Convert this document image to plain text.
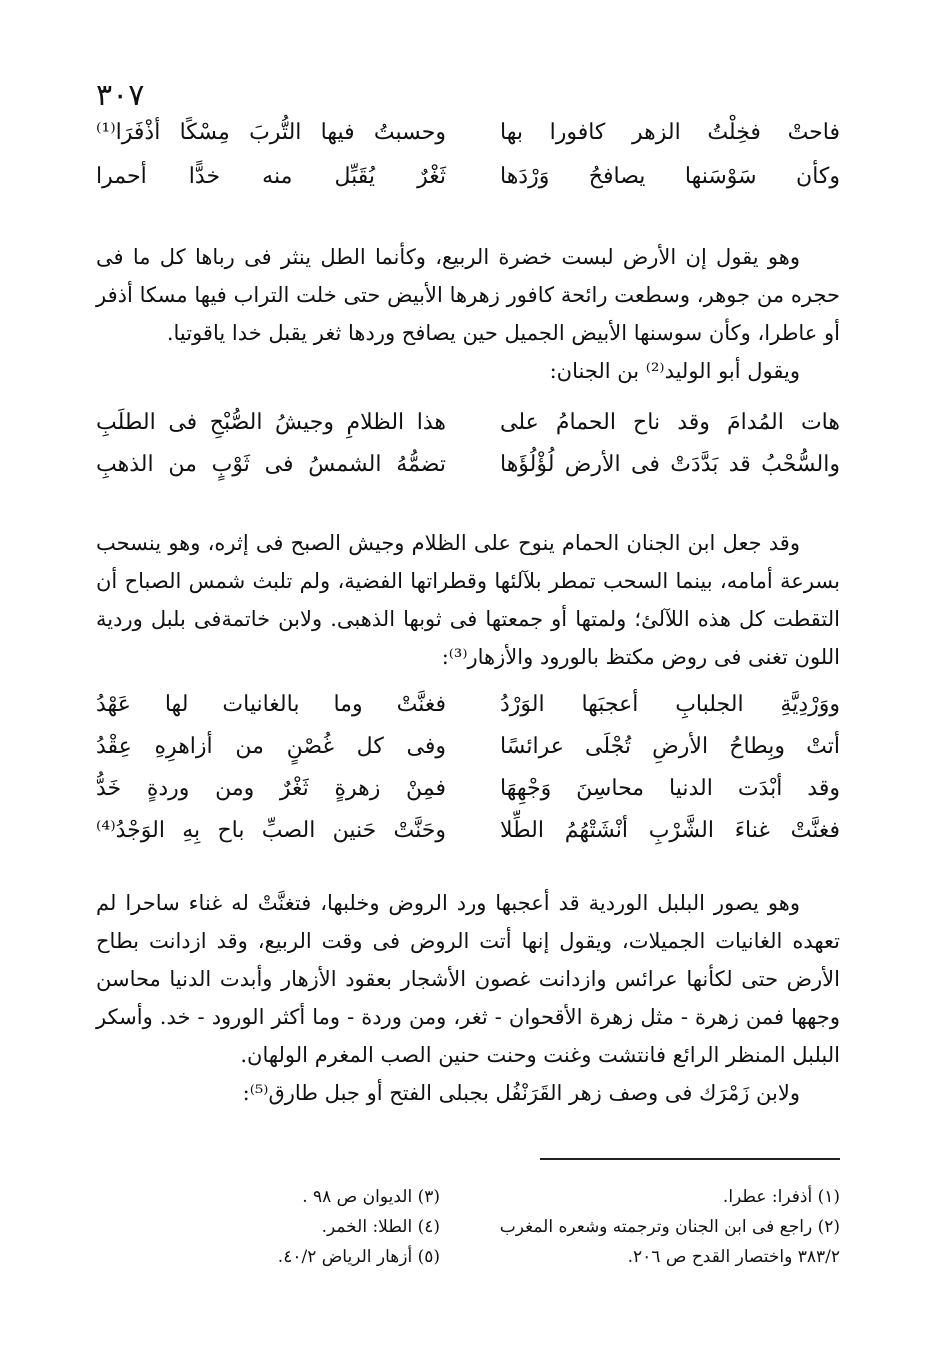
٣٠٧
فاحتْ فخِلْتُ الزهر كافورا بها
وحسبتُ فيها التُّربَ مِسْكًا أذْفَرَا⁽¹⁾
وكأن سَوْسَنها يصافحُ وَرْدَها
ثَغْرٌ يُقَبِّل منه خدًّا أحمرا

وهو يقول إن الأرض لبست خضرة الربيع، وكأنما الطل ينثر فى رباها كل ما فى حجره من جوهر، وسطعت رائحة كافور زهرها الأبيض حتى خلت التراب فيها مسكا أذفر أو عاطرا، وكأن سوسنها الأبيض الجميل حين يصافح وردها ثغر يقبل خدا ياقوتيا.

ويقول أبو الوليد⁽²⁾ بن الجنان:

هات المُدامَ وقد ناح الحمامُ على
هذا الظلامِ وجيشُ الصُّبْحِ فى الطلَبِ
والسُّحْبُ قد بَدَّدَتْ فى الأرض لُؤْلُؤَها
تضمُّهُ الشمسُ فى ثَوْبٍ من الذهبِ

وقد جعل ابن الجنان الحمام ينوح على الظلام وجيش الصبح فى إثره، وهو ينسحب بسرعة أمامه، بينما السحب تمطر بلآلئها وقطراتها الفضية، ولم تلبث شمس الصباح أن التقطت كل هذه اللآلئ؛ ولمتها أو جمعتها فى ثوبها الذهبى. ولابن خاتمةفى بلبل وردية اللون تغنى فى روض مكتظ بالورود والأزهار⁽³⁾:

ووَرْدِيَّةِ الجلبابِ أعجبَها الوَرْدُ
فغنَّتْ وما بالغانيات لها عَهْدُ
أتتْ وبِطاحُ الأرضِ تُجْلَى عرائسًا
وفى كل غُصْنٍ من أزاهرِهِ عِقْدُ
وقد أبْدَت الدنيا محاسِنَ وَجْهِهَا
فمِنْ زهرةٍ ثَغْرٌ ومن وردةٍ خَدُّ
فغنَّتْ غناءَ الشَّرْبِ أنْشَتْهُمُ الطِّلا
وحَنَّتْ حَنين الصبِّ باح بِهِ الوَجْدُ⁽⁴⁾

وهو يصور البلبل الوردية قد أعجبها ورد الروض وخلبها، فتغنَّتْ له غناء ساحرا لم تعهده الغانيات الجميلات، ويقول إنها أتت الروض فى وقت الربيع، وقد ازدانت بطاح الأرض حتى لكأنها عرائس وازدانت غصون الأشجار بعقود الأزهار وأبدت الدنيا محاسن وجهها فمن زهرة - مثل زهرة الأقحوان - ثغر، ومن وردة - وما أكثر الورود - خد. وأسكر البلبل المنظر الرائع فانتشت وغنت وحنت حنين الصب المغرم الولهان.

ولابن زَمْرَك فى وصف زهر القَرَنْفُل بجبلى الفتح أو جبل طارق⁽⁵⁾:

(١) أذفرا: عطرا.
(٢) راجع فى ابن الجنان وترجمته وشعره المغرب
٣٨٣/٢ واختصار القدح ص ٢٠٦.
(٣) الديوان ص ٩٨ .
(٤) الطلا: الخمر.
(٥) أزهار الرياض ٤٠/٢.
